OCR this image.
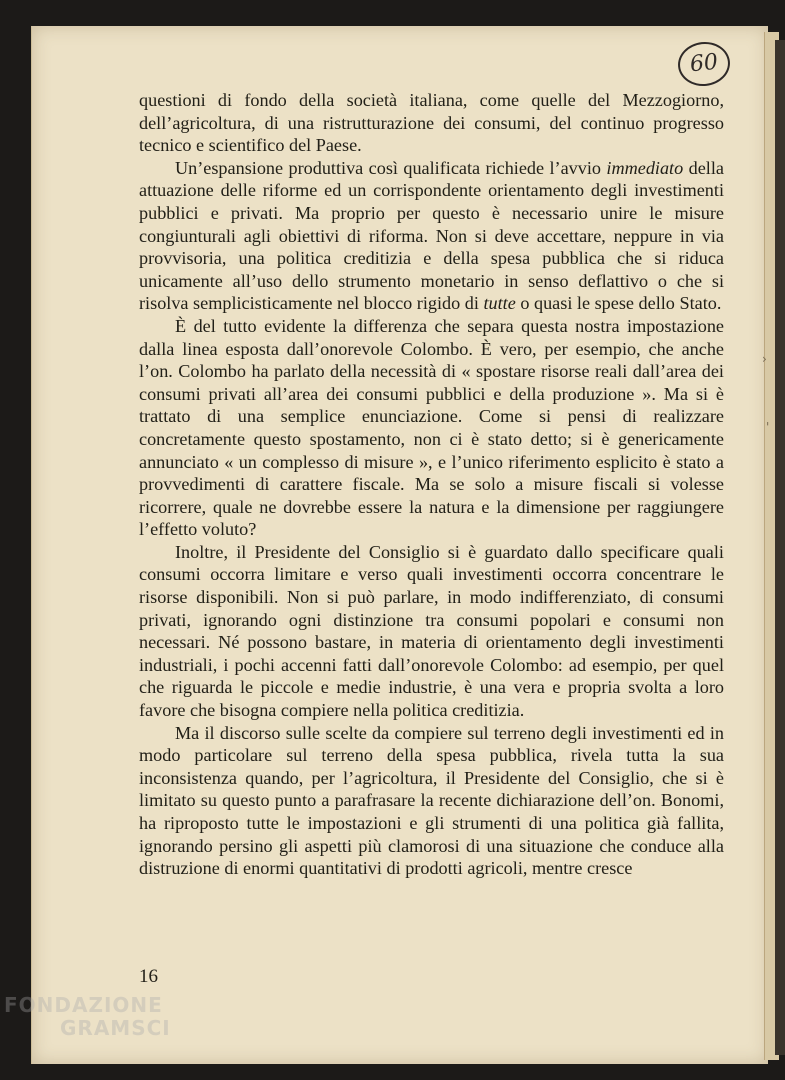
60

questioni di fondo della società italiana, come quelle del Mezzogiorno, dell’agricoltura, di una ristrutturazione dei consumi, del continuo progresso tecnico e scientifico del Paese.

Un’espansione produttiva così qualificata richiede l’avvio immediato della attuazione delle riforme ed un corrispondente orientamento degli investimenti pubblici e privati. Ma proprio per questo è necessario unire le misure congiunturali agli obiettivi di riforma. Non si deve accettare, neppure in via provvisoria, una politica creditizia e della spesa pubblica che si riduca unicamente all’uso dello strumento monetario in senso deflattivo o che si risolva semplicisticamente nel blocco rigido di tutte o quasi le spese dello Stato.

È del tutto evidente la differenza che separa questa nostra impostazione dalla linea esposta dall’onorevole Colombo. È vero, per esempio, che anche l’on. Colombo ha parlato della necessità di « spostare risorse reali dall’area dei consumi privati all’area dei consumi pubblici e della produzione ». Ma si è trattato di una semplice enunciazione. Come si pensi di realizzare concretamente questo spostamento, non ci è stato detto; si è genericamente annunciato « un complesso di misure », e l’unico riferimento esplicito è stato a provvedimenti di carattere fiscale. Ma se solo a misure fiscali si volesse ricorrere, quale ne dovrebbe essere la natura e la dimensione per raggiungere l’effetto voluto?

Inoltre, il Presidente del Consiglio si è guardato dallo specificare quali consumi occorra limitare e verso quali investimenti occorra concentrare le risorse disponibili. Non si può parlare, in modo indifferenziato, di consumi privati, ignorando ogni distinzione tra consumi popolari e consumi non necessari. Né possono bastare, in materia di orientamento degli investimenti industriali, i pochi accenni fatti dall’onorevole Colombo: ad esempio, per quel che riguarda le piccole e medie industrie, è una vera e propria svolta a loro favore che bisogna compiere nella politica creditizia.

Ma il discorso sulle scelte da compiere sul terreno degli investimenti ed in modo particolare sul terreno della spesa pubblica, rivela tutta la sua inconsistenza quando, per l’agricoltura, il Presidente del Consiglio, che si è limitato su questo punto a parafrasare la recente dichiarazione dell’on. Bonomi, ha riproposto tutte le impostazioni e gli strumenti di una politica già fallita, ignorando persino gli aspetti più clamorosi di una situazione che conduce alla distruzione di enormi quantitativi di prodotti agricoli, mentre cresce

16
›
'
FONDAZIONE
GRAMSCI
